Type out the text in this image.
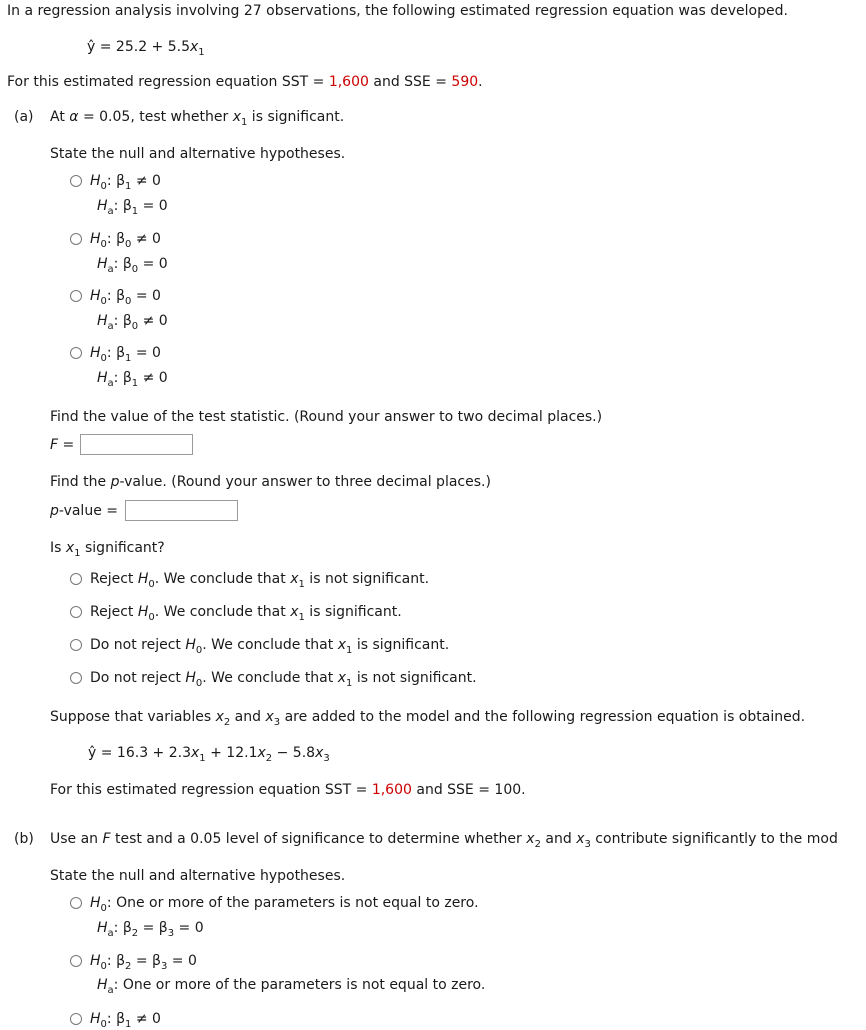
In a regression analysis involving 27 observations, the following estimated regression equation was developed.
ŷ = $25.2 + 5.5x_1$
For this estimated regression equation SST = 1,600 and SSE = 590.
(a) At α = 0.05, test whether $x_1$ is significant.
State the null and alternative hypotheses.
$H_0$: $\beta_1 \ne 0$
$H_a$: $\beta_1 = 0$
$H_0$: $\beta_0 \ne 0$
$H_a$: $\beta_0 = 0$
$H_0$: $\beta_0 = 0$
$H_a$: $\beta_0 \ne 0$
$H_0$: $\beta_1 = 0$
$H_a$: $\beta_1 \ne 0$
Find the value of the test statistic. (Round your answer to two decimal places.)
F =
Find the p-value. (Round your answer to three decimal places.)
p-value =
Is $x_1$ significant?
Reject $H_0$. We conclude that $x_1$ is not significant.
Reject $H_0$. We conclude that $x_1$ is significant.
Do not reject $H_0$. We conclude that $x_1$ is significant.
Do not reject $H_0$. We conclude that $x_1$ is not significant.
Suppose that variables $x_2$ and $x_3$ are added to the model and the following regression equation is obtained.
ŷ = $16.3 + 2.3x_1 + 12.1x_2 - 5.8x_3$
For this estimated regression equation SST = 1,600 and SSE = 100.
(b) Use an F test and a 0.05 level of significance to determine whether $x_2$ and $x_3$ contribute significantly to the mod
State the null and alternative hypotheses.
$H_0$: One or more of the parameters is not equal to zero.
$H_a$: $\beta_2 = \beta_3 = 0$
$H_0$: $\beta_2 = \beta_3 = 0$
$H_a$: One or more of the parameters is not equal to zero.
$H_0$: $\beta_1 \ne 0$
